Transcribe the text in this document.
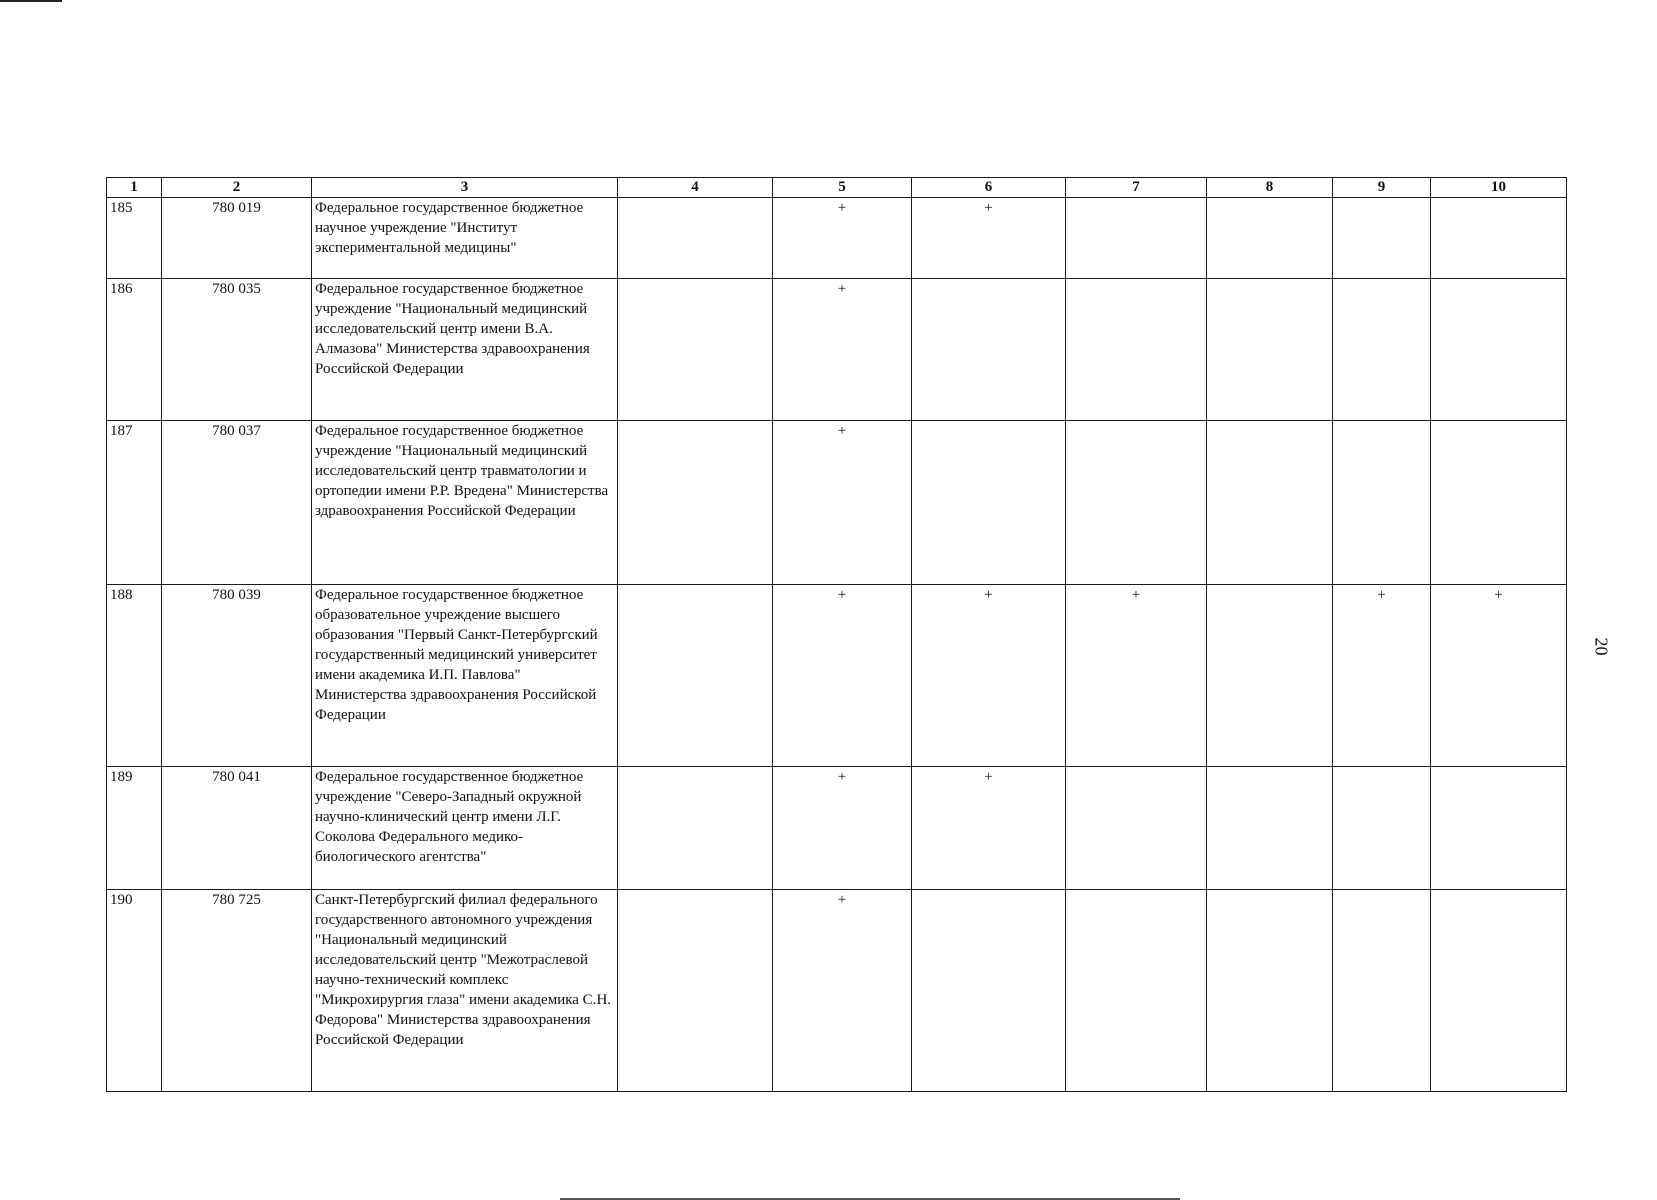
1	2	3	4	5	6	7	8	9	10
185	780 019	Федеральное государственное бюджетное научное учреждение "Институт экспериментальной медицины"		+	+				
186	780 035	Федеральное государственное бюджетное учреждение "Национальный медицинский исследовательский центр имени В.А. Алмазова" Министерства здравоохранения Российской Федерации		+					
187	780 037	Федеральное государственное бюджетное учреждение "Национальный медицинский исследовательский центр травматологии и ортопедии имени Р.Р. Вредена" Министерства здравоохранения Российской Федерации		+					
188	780 039	Федеральное государственное бюджетное образовательное учреждение высшего образования "Первый Санкт-Петербургский государственный медицинский университет имени академика И.П. Павлова" Министерства здравоохранения Российской Федерации		+	+	+		+	+
189	780 041	Федеральное государственное бюджетное учреждение "Северо-Западный окружной научно-клинический центр имени Л.Г. Соколова Федерального медико-биологического агентства"		+	+				
190	780 725	Санкт-Петербургский филиал федерального государственного автономного учреждения "Национальный медицинский исследовательский центр "Межотраслевой научно-технический комплекс "Микрохирургия глаза" имени академика С.Н. Федорова" Министерства здравоохранения Российской Федерации		+					
20
